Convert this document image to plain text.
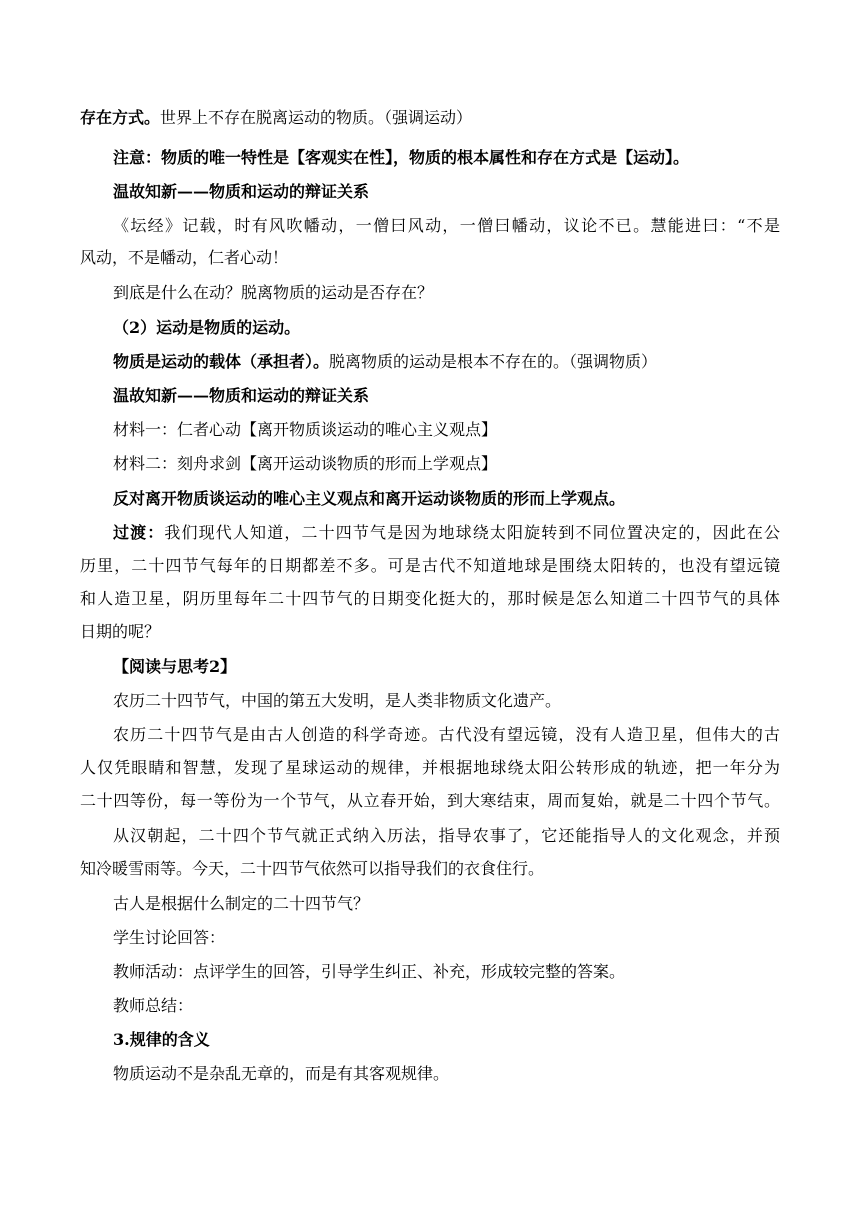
存在方式。世界上不存在脱离运动的物质。（强调运动）

注意：物质的唯一特性是【客观实在性】，物质的根本属性和存在方式是【运动】。

温故知新——物质和运动的辩证关系

《坛经》记载，时有风吹幡动，一僧曰风动，一僧曰幡动，议论不已。慧能进曰：“不是

风动，不是幡动，仁者心动！

到底是什么在动？脱离物质的运动是否存在？

（2）运动是物质的运动。

物质是运动的载体（承担者）。脱离物质的运动是根本不存在的。（强调物质）

温故知新——物质和运动的辩证关系

材料一：仁者心动【离开物质谈运动的唯心主义观点】

材料二：刻舟求剑【离开运动谈物质的形而上学观点】

反对离开物质谈运动的唯心主义观点和离开运动谈物质的形而上学观点。

过渡：我们现代人知道，二十四节气是因为地球绕太阳旋转到不同位置决定的，因此在公

历里，二十四节气每年的日期都差不多。可是古代不知道地球是围绕太阳转的，也没有望远镜

和人造卫星，阴历里每年二十四节气的日期变化挺大的，那时候是怎么知道二十四节气的具体

日期的呢？

【阅读与思考2】

农历二十四节气，中国的第五大发明，是人类非物质文化遗产。

农历二十四节气是由古人创造的科学奇迹。古代没有望远镜，没有人造卫星，但伟大的古

人仅凭眼睛和智慧，发现了星球运动的规律，并根据地球绕太阳公转形成的轨迹，把一年分为

二十四等份，每一等份为一个节气，从立春开始，到大寒结束，周而复始，就是二十四个节气。

从汉朝起，二十四个节气就正式纳入历法，指导农事了，它还能指导人的文化观念，并预

知冷暖雪雨等。今天，二十四节气依然可以指导我们的衣食住行。

古人是根据什么制定的二十四节气？

学生讨论回答：

教师活动：点评学生的回答，引导学生纠正、补充，形成较完整的答案。

教师总结：

3.规律的含义

物质运动不是杂乱无章的，而是有其客观规律。
